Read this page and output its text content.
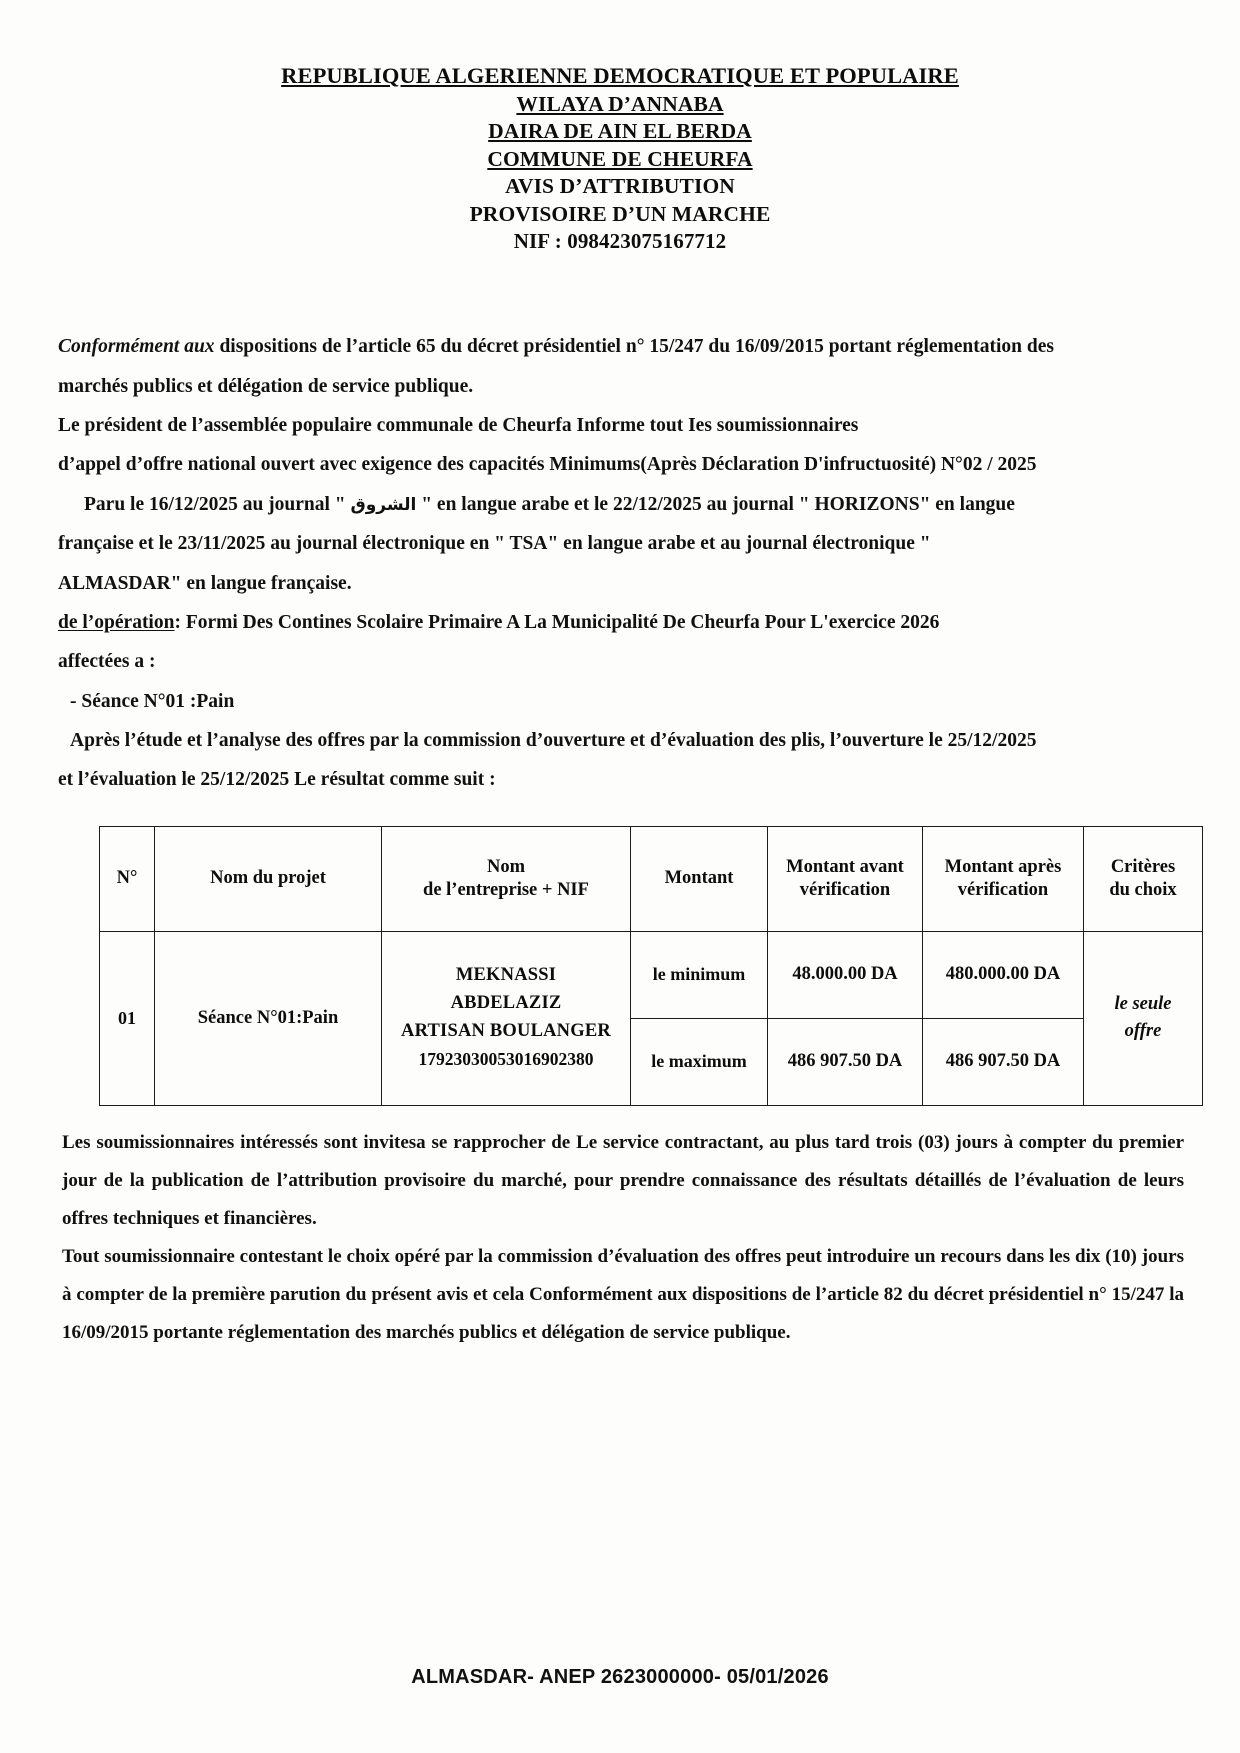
REPUBLIQUE ALGERIENNE DEMOCRATIQUE ET POPULAIRE
WILAYA D’ANNABA
DAIRA DE AIN EL BERDA
COMMUNE DE CHEURFA
AVIS D’ATTRIBUTION
PROVISOIRE D’UN MARCHE
NIF : 098423075167712

Conformément aux dispositions de l’article 65 du décret présidentiel n° 15/247 du 16/09/2015 portant réglementation des

marchés publics et délégation de service publique.

Le président de l’assemblée populaire communale de Cheurfa Informe tout Ies soumissionnaires

d’appel d’offre national ouvert avec exigence des capacités Minimums(Après Déclaration D'infructuosité) N°02 / 2025

Paru le 16/12/2025 au journal " الشروق " en langue arabe et le 22/12/2025 au journal " HORIZONS" en langue

française et le 23/11/2025 au journal électronique en " TSA" en langue arabe et au journal électronique "

ALMASDAR" en langue française.

de l’opération: Formi Des Contines Scolaire Primaire A La Municipalité De Cheurfa Pour L'exercice 2026

affectées a :

- Séance N°01 :Pain

Après l’étude et l’analyse des offres par la commission d’ouverture et d’évaluation des plis, l’ouverture le 25/12/2025

et l’évaluation le 25/12/2025 Le résultat comme suit :

N°	Nom du projet	Nom
de l’entreprise + NIF	Montant	Montant avant
vérification	Montant après
vérification	Critères
du choix
01	Séance N°01:Pain	MEKNASSI
ABDELAZIZ
ARTISAN BOULANGER
17923030053016902380	le minimum	48.000.00 DA	480.000.00 DA	le seule
offre
			le maximum	486 907.50 DA	486 907.50 DA	

Les soumissionnaires intéressés sont invitesa se rapprocher de Le service contractant, au plus tard trois (03) jours à compter du premier jour de la publication de l’attribution provisoire du marché, pour prendre connaissance des résultats détaillés de l’évaluation de leurs offres techniques et financières.

Tout soumissionnaire contestant le choix opéré par la commission d’évaluation des offres peut introduire un recours dans les dix (10) jours à compter de la première parution du présent avis et cela Conformément aux dispositions de l’article 82 du décret présidentiel n° 15/247 la 16/09/2015 portante réglementation des marchés publics et délégation de service publique.

ALMASDAR- ANEP 2623000000- 05/01/2026
